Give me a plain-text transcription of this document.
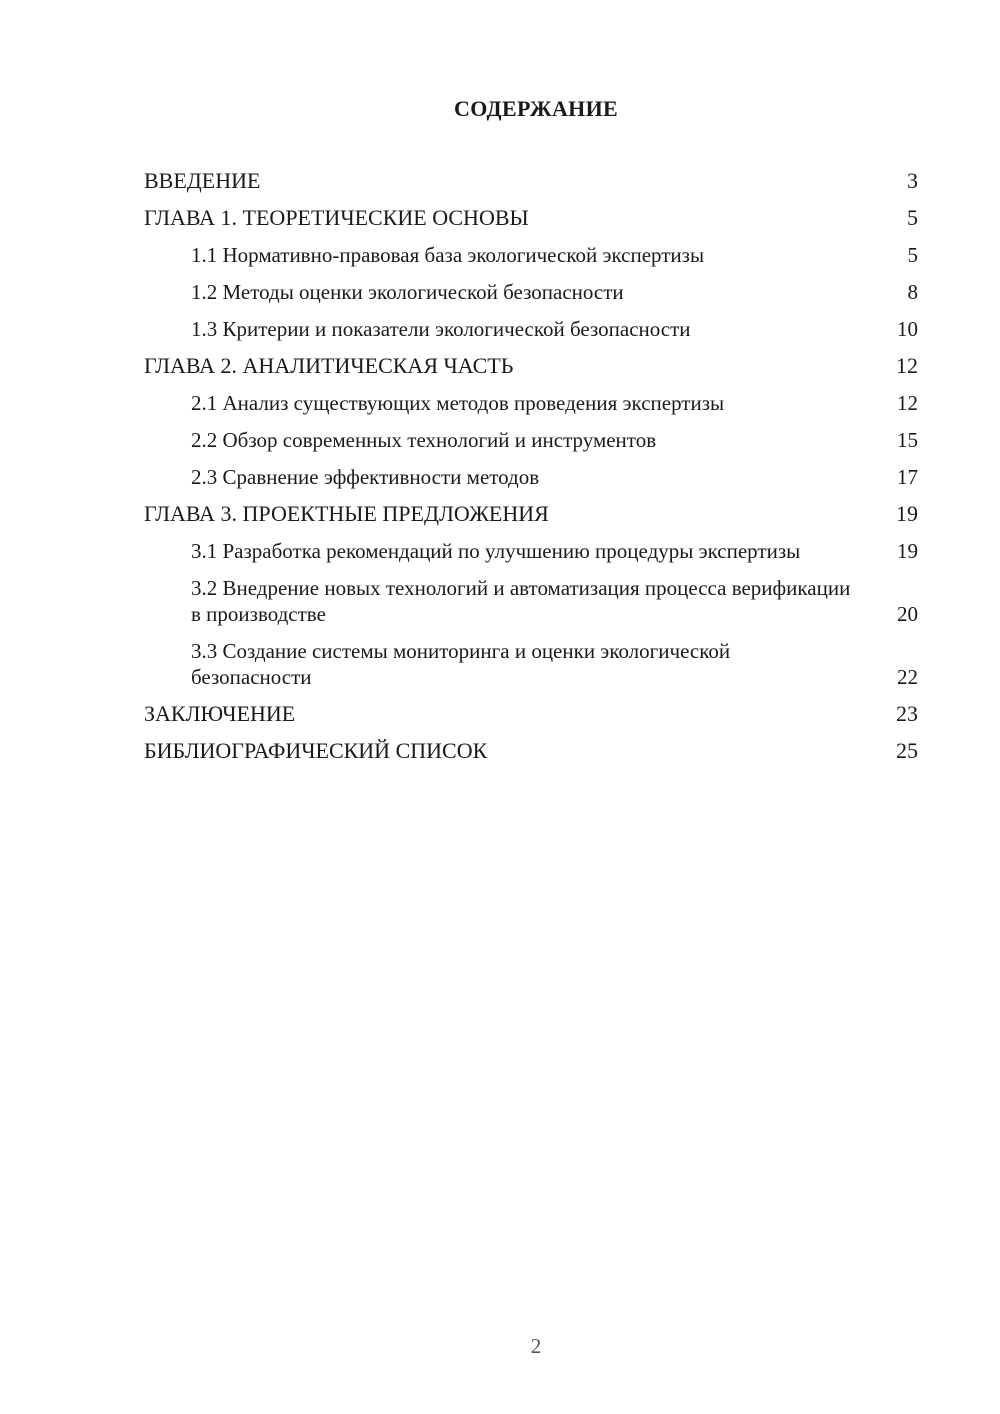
СОДЕРЖАНИЕ
ВВЕДЕНИЕ	3
ГЛАВА 1. ТЕОРЕТИЧЕСКИЕ ОСНОВЫ	5
1.1 Нормативно-правовая база экологической экспертизы	5
1.2 Методы оценки экологической безопасности	8
1.3 Критерии и показатели экологической безопасности	10
ГЛАВА 2. АНАЛИТИЧЕСКАЯ ЧАСТЬ	12
2.1 Анализ существующих методов проведения экспертизы	12
2.2 Обзор современных технологий и инструментов	15
2.3 Сравнение эффективности методов	17
ГЛАВА 3. ПРОЕКТНЫЕ ПРЕДЛОЖЕНИЯ	19
3.1 Разработка рекомендаций по улучшению процедуры экспертизы	19
3.2 Внедрение новых технологий и автоматизация процесса верификации в производстве	20
3.3 Создание системы мониторинга и оценки экологической безопасности	22
ЗАКЛЮЧЕНИЕ	23
БИБЛИОГРАФИЧЕСКИЙ СПИСОК	25
2
